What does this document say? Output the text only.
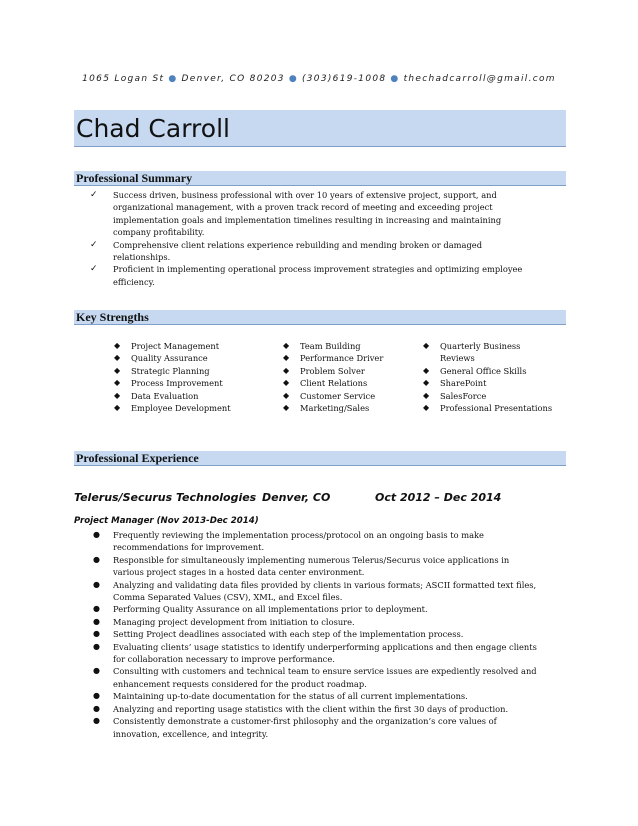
1065 Logan St ● Denver, CO 80203 ● (303)619-1008 ● thechadcarroll@gmail.com
Chad Carroll
Professional Summary
✓ Success driven, business professional with over 10 years of extensive project, support, and organizational management, with a proven track record of meeting and exceeding project implementation goals and implementation timelines resulting in increasing and maintaining company profitability.
✓ Comprehensive client relations experience rebuilding and mending broken or damaged relationships.
✓ Proficient in implementing operational process improvement strategies and optimizing employee efficiency.
Key Strengths
◆ Project Management
◆ Quality Assurance
◆ Strategic Planning
◆ Process Improvement
◆ Data Evaluation
◆ Employee Development
◆ Team Building
◆ Performance Driver
◆ Problem Solver
◆ Client Relations
◆ Customer Service
◆ Marketing/Sales
◆ Quarterly Business
Reviews
◆ General Office Skills
◆ SharePoint
◆ SalesForce
◆ Professional Presentations
Professional Experience
Telerus/Securus Technologies Denver, CO	Oct 2012 – Dec 2014
Project Manager (Nov 2013-Dec 2014)
● Frequently reviewing the implementation process/protocol on an ongoing basis to make recommendations for improvement.
● Responsible for simultaneously implementing numerous Telerus/Securus voice applications in various project stages in a hosted data center environment.
● Analyzing and validating data files provided by clients in various formats; ASCII formatted text files, Comma Separated Values (CSV), XML, and Excel files.
● Performing Quality Assurance on all implementations prior to deployment.
● Managing project development from initiation to closure.
● Setting Project deadlines associated with each step of the implementation process.
● Evaluating clients’ usage statistics to identify underperforming applications and then engage clients for collaboration necessary to improve performance.
● Consulting with customers and technical team to ensure service issues are expediently resolved and enhancement requests considered for the product roadmap.
● Maintaining up-to-date documentation for the status of all current implementations.
● Analyzing and reporting usage statistics with the client within the first 30 days of production.
● Consistently demonstrate a customer-first philosophy and the organization’s core values of innovation, excellence, and integrity.
